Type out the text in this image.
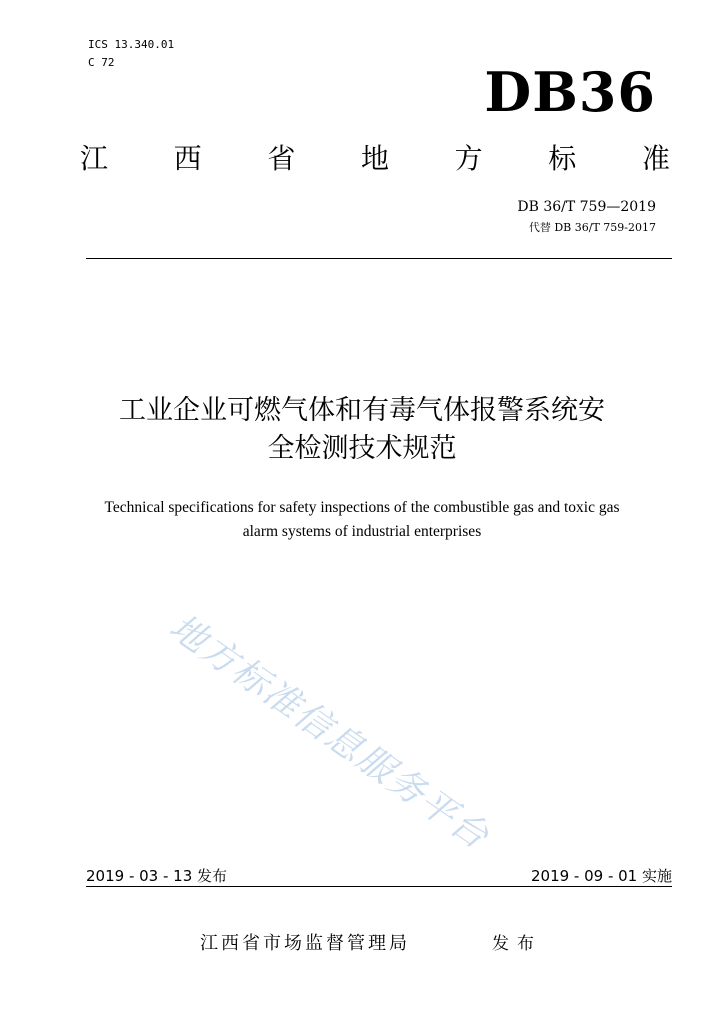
ICS 13.340.01
C 72	DB36
江 西 省 地 方 标 准
DB 36/T 759—2019
代替 DB 36/T 759-2017
工业企业可燃气体和有毒气体报警系统安
全检测技术规范
Technical specifications for safety inspections of the combustible gas and toxic gas
alarm systems of industrial enterprises
地方标准信息服务平台
2019 - 03 - 13 发布	2019 - 09 - 01 实施
江西省市场监督管理局	发布
